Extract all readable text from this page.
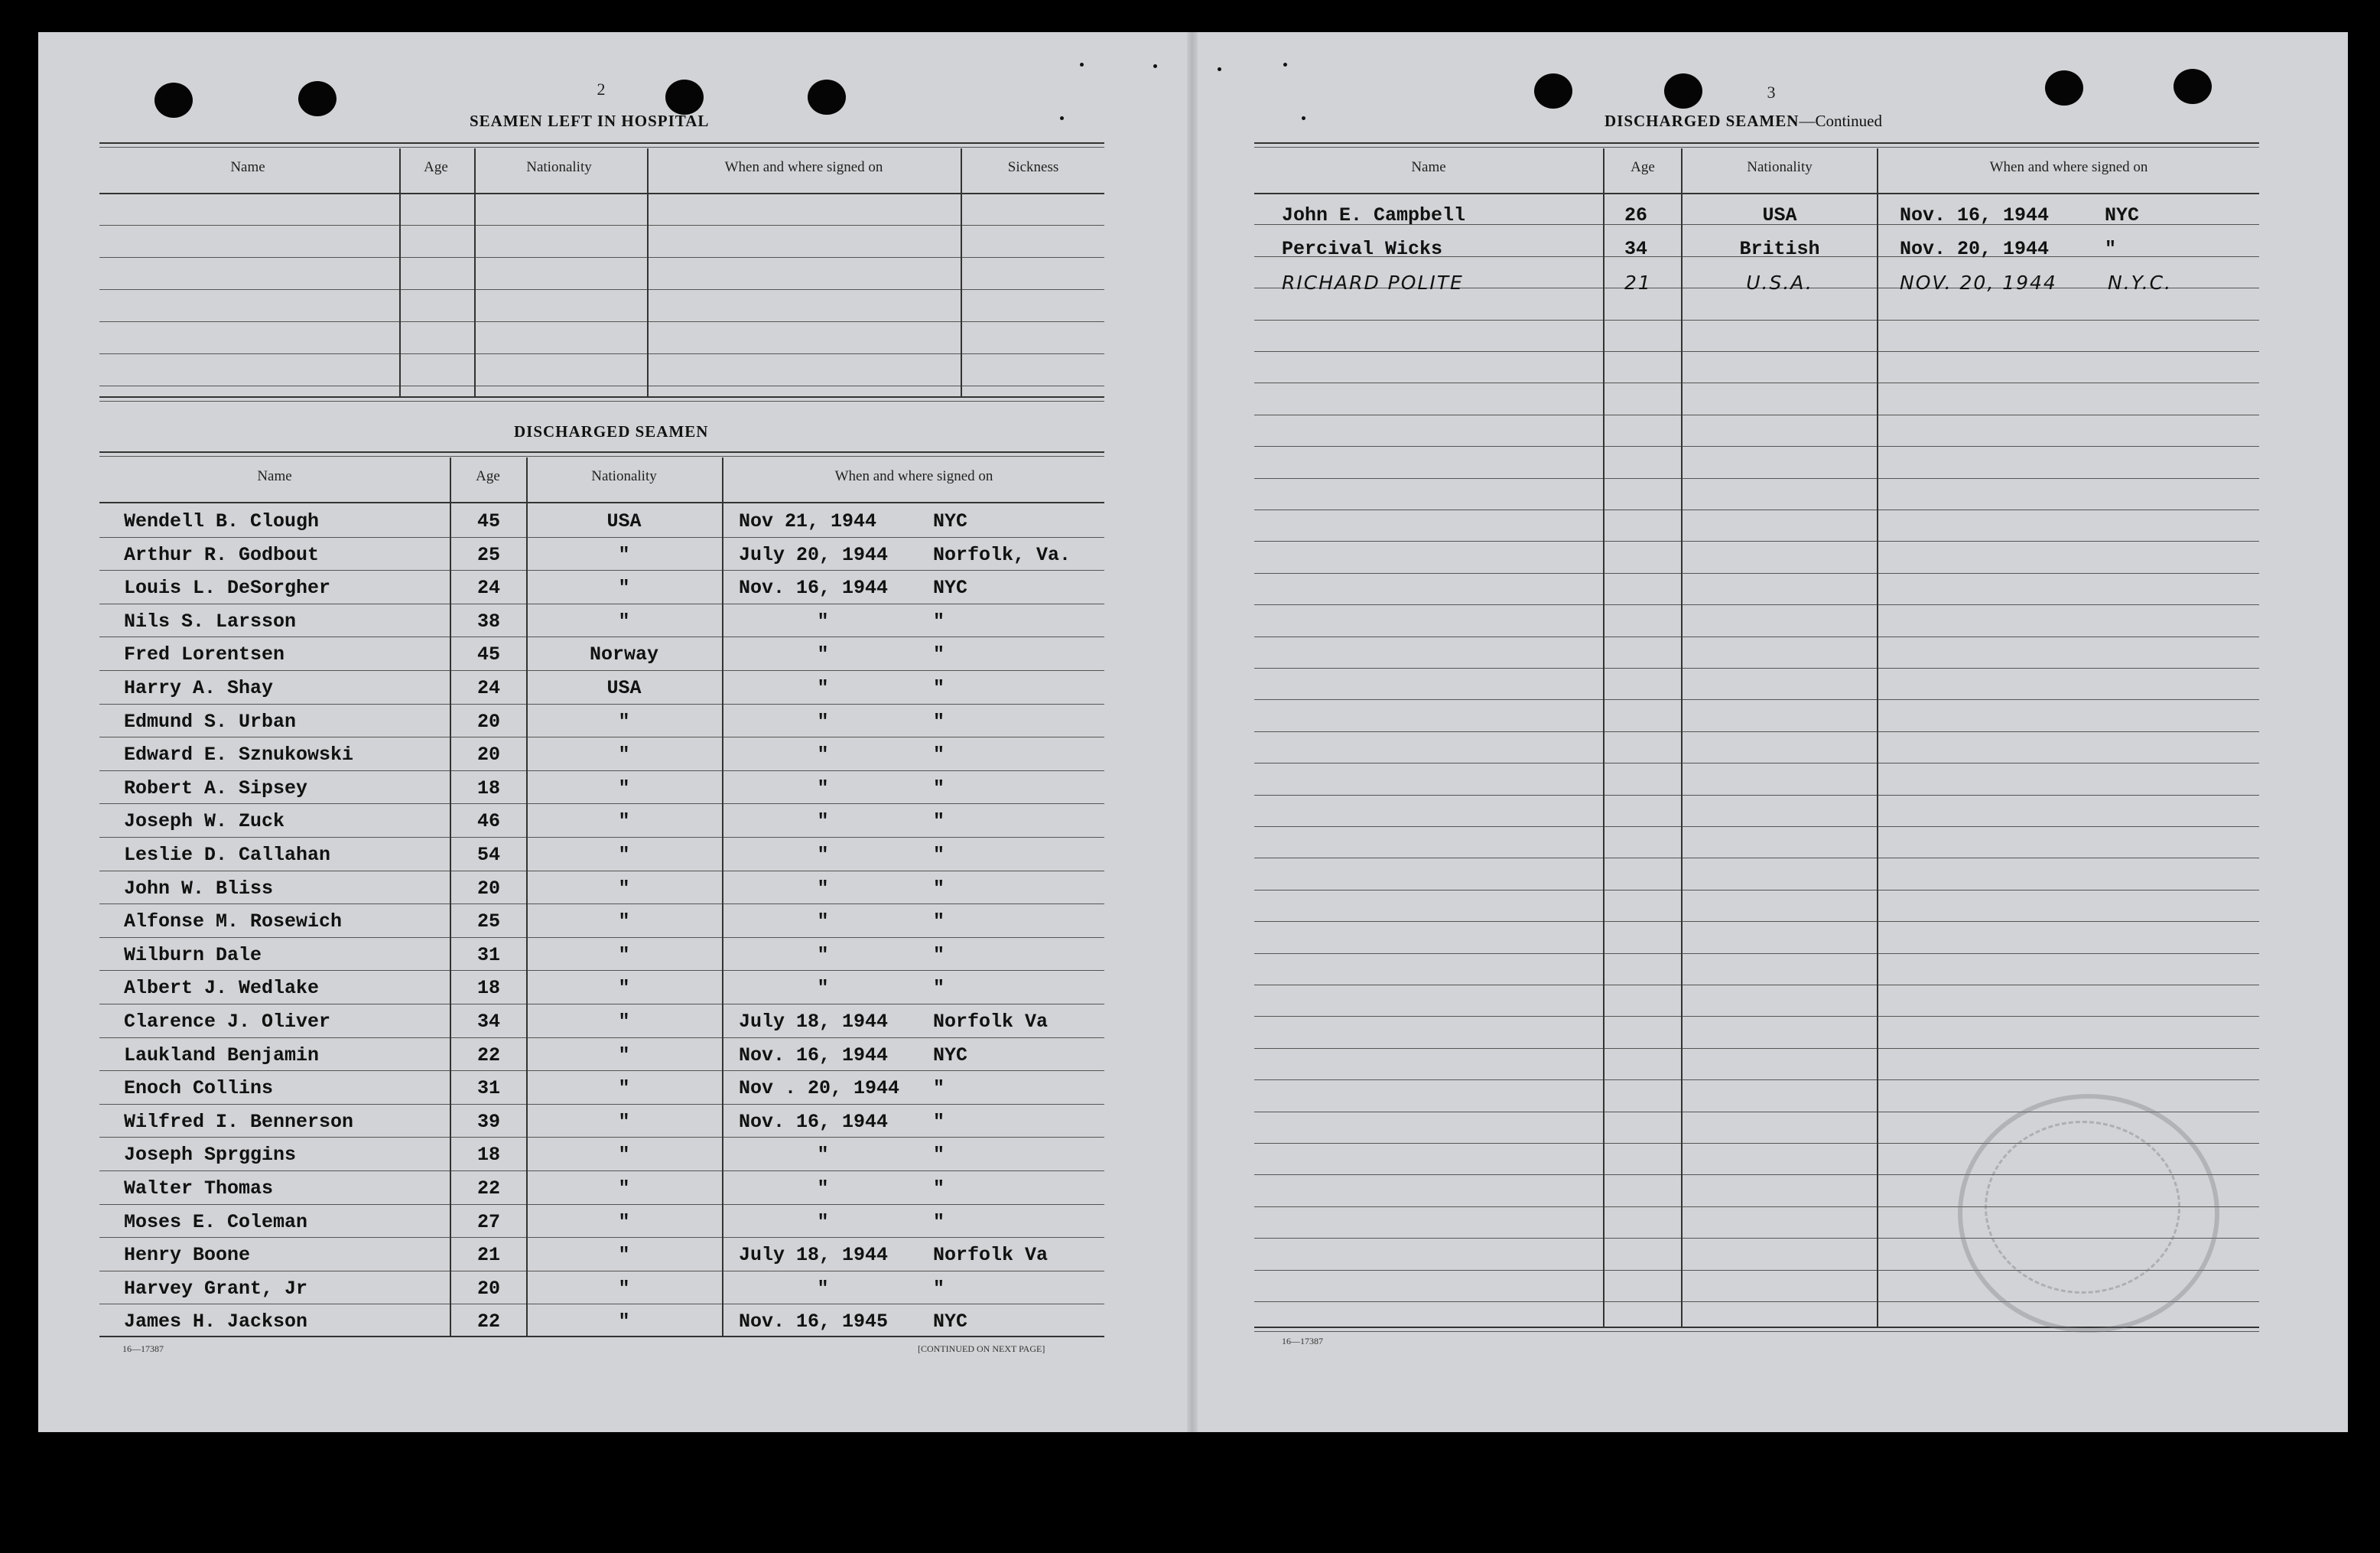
2
SEAMEN LEFT IN HOSPITAL
Name	Age	Nationality	When and where signed on	Sickness
DISCHARGED SEAMEN
Name	Age	Nationality	When and where signed on
Wendell B. Clough	45	USA	Nov 21, 1944	NYC
Arthur R. Godbout	25	"	July 20, 1944	Norfolk, Va.
Louis L. DeSorgher	24	"	Nov. 16, 1944	NYC
Nils S. Larsson	38	"	"	"
Fred Lorentsen	45	Norway	"	"
Harry A. Shay	24	USA	"	"
Edmund S. Urban	20	"	"	"
Edward E. Sznukowski	20	"	"	"
Robert A. Sipsey	18	"	"	"
Joseph W. Zuck	46	"	"	"
Leslie D. Callahan	54	"	"	"
John W. Bliss	20	"	"	"
Alfonse M. Rosewich	25	"	"	"
Wilburn Dale	31	"	"	"
Albert J. Wedlake	18	"	"	"
Clarence J. Oliver	34	"	July 18, 1944	Norfolk Va
Laukland Benjamin	22	"	Nov. 16, 1944	NYC
Enoch Collins	31	"	Nov . 20, 1944	"
Wilfred I. Bennerson	39	"	Nov. 16, 1944	"
Joseph Sprggins	18	"	"	"
Walter Thomas	22	"	"	"
Moses E. Coleman	27	"	"	"
Henry Boone	21	"	July 18, 1944	Norfolk Va
Harvey Grant, Jr	20	"	"	"
James H. Jackson	22	"	Nov. 16, 1945	NYC
16—17387	[CONTINUED ON NEXT PAGE]
3
DISCHARGED SEAMEN—Continued
Name	Age	Nationality	When and where signed on
John E. Campbell	26	USA	Nov. 16, 1944	NYC
Percival Wicks	34	British	Nov. 20, 1944	"
RICHARD POLITE	21	U.S.A.	NOV. 20, 1944	N.Y.C.
16—17387
